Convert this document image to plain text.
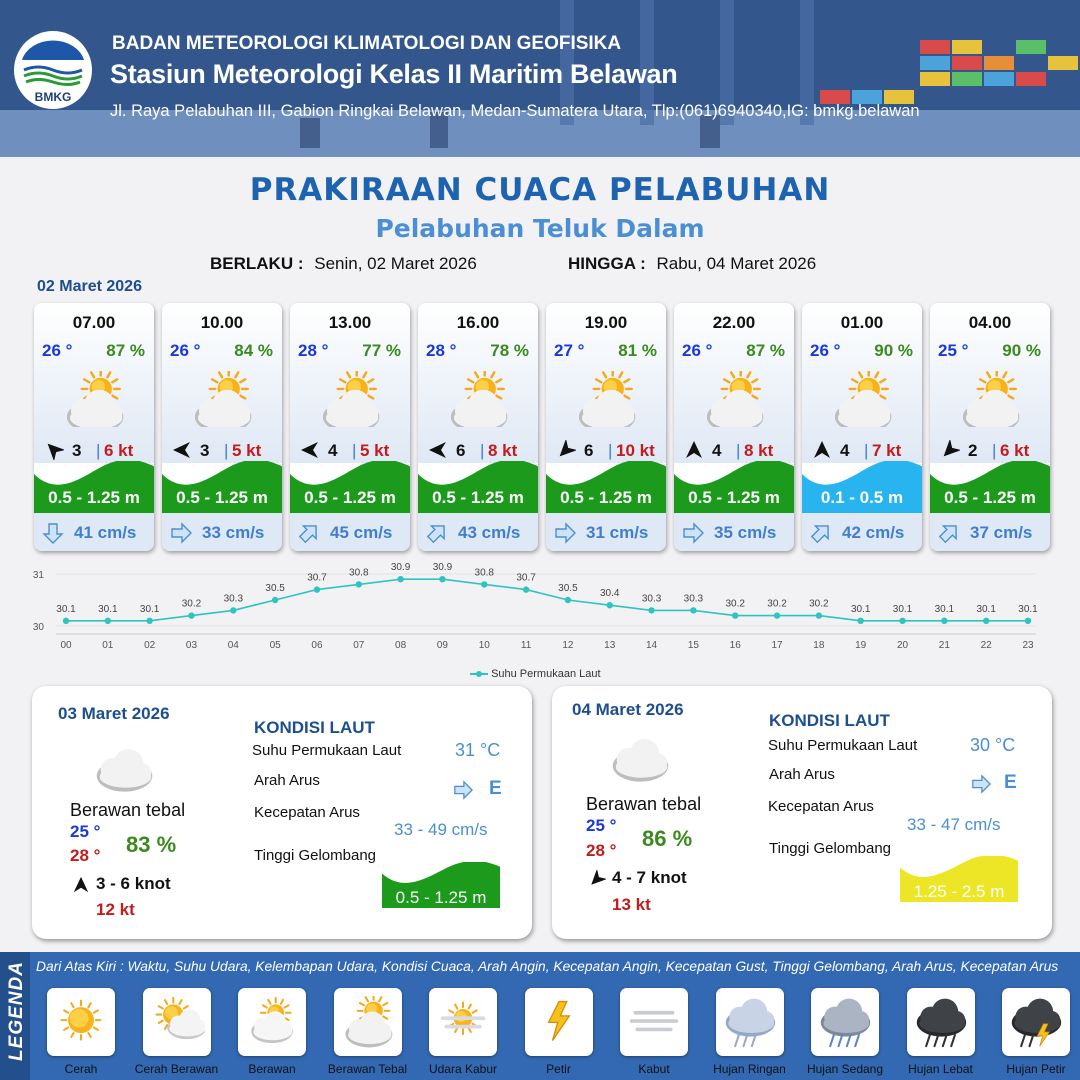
BMKG
BADAN METEOROLOGI KLIMATOLOGI DAN GEOFISIKA
Stasiun Meteorologi Kelas II Maritim Belawan
Jl. Raya Pelabuhan III, Gabion Ringkai Belawan, Medan-Sumatera Utara, Tlp:(061)6940340,IG: bmkg.belawan
PRAKIRAAN CUACA PELABUHAN
Pelabuhan Teluk Dalam
BERLAKU : Senin, 02 Maret 2026	HINGGA : Rabu, 04 Maret 2026
02 Maret 2026
07.00
26 ° 87 %
3 | 6 kt
0.5 - 1.25 m
41 cm/s
10.00
26 ° 84 %
3 | 5 kt
0.5 - 1.25 m
33 cm/s
13.00
28 ° 77 %
4 | 5 kt
0.5 - 1.25 m
45 cm/s
16.00
28 ° 78 %
6 | 8 kt
0.5 - 1.25 m
43 cm/s
19.00
27 ° 81 %
6 | 10 kt
0.5 - 1.25 m
31 cm/s
22.00
26 ° 87 %
4 | 8 kt
0.5 - 1.25 m
35 cm/s
01.00
26 ° 90 %
4 | 7 kt
0.1 - 0.5 m
42 cm/s
04.00
25 ° 90 %
2 | 6 kt
0.5 - 1.25 m
37 cm/s
30
31
30.1
00
30.1
01
30.1
02
30.2
03
30.3
04
30.5
05
30.7
06
30.8
07
30.9
08
30.9
09
30.8
10
30.7
11
30.5
12
30.4
13
30.3
14
30.3
15
30.2
16
30.2
17
30.2
18
30.1
19
30.1
20
30.1
21
30.1
22
30.1
23
Suhu Permukaan Laut
03 Maret 2026
Berawan tebal
25 °
28 ° 83 %
3 - 6 knot
12 kt
KONDISI LAUT
Suhu Permukaan Laut	31 °C
Arah Arus	E
Kecepatan Arus
33 - 49 cm/s
Tinggi Gelombang
0.5 - 1.25 m
04 Maret 2026
Berawan tebal
25 °
28 ° 86 %
4 - 7 knot
13 kt
KONDISI LAUT
Suhu Permukaan Laut	30 °C
Arah Arus	E
Kecepatan Arus
33 - 47 cm/s
Tinggi Gelombang
1.25 - 2.5 m
LEGENDA Dari Atas Kiri : Waktu, Suhu Udara, Kelembapan Udara, Kondisi Cuaca, Arah Angin, Kecepatan Angin, Kecepatan Gust, Tinggi Gelombang, Arah Arus, Kecepatan Arus
Cerah	Cerah Berawan	Berawan	Berawan Tebal	Udara Kabur	Petir	Kabut	Hujan Ringan	Hujan Sedang	Hujan Lebat	Hujan Petir
